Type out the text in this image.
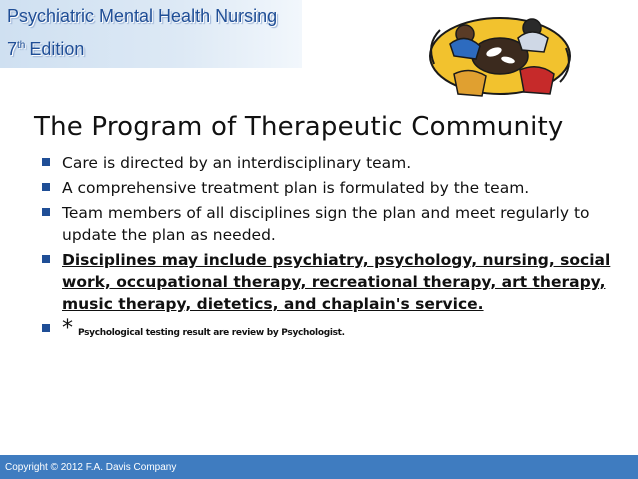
Psychiatric Mental Health Nursing
7th Edition
The Program of Therapeutic Community
Care is directed by an interdisciplinary team.
A comprehensive treatment plan is formulated by the team.
Team members of all disciplines sign the plan and meet regularly to update the plan as needed.
Disciplines may include psychiatry, psychology, nursing, social work, occupational therapy, recreational therapy, art therapy, music therapy, dietetics, and chaplain's service.
* Psychological testing result are review by Psychologist.
Copyright © 2012 F.A. Davis Company
